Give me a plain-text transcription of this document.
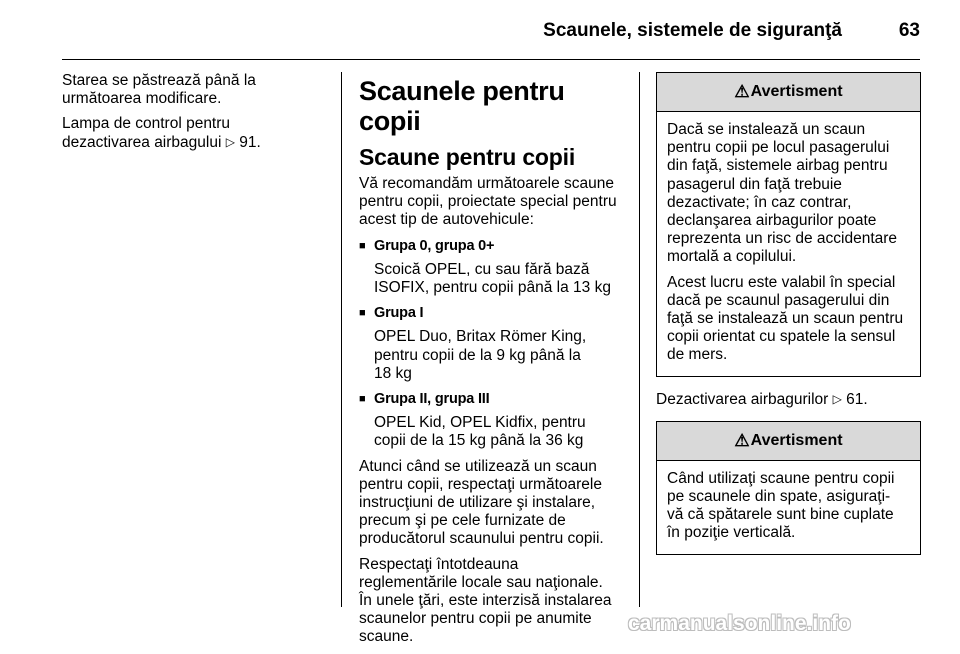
Scaunele, sistemele de siguranţă	63

Starea se păstrează până la
următoarea modificare.

Lampa de control pentru
dezactivarea airbagului ▷ 91.

Scaunele pentru copii
Scaune pentru copii

Vă recomandăm următoarele scaune
pentru copii, proiectate special pentru
acest tip de autovehicule:

■ Grupa 0, grupa 0+
Scoică OPEL, cu sau fără bază
ISOFIX, pentru copii până la 13 kg
■ Grupa I
OPEL Duo, Britax Römer King,
pentru copii de la 9 kg până la
18 kg
■ Grupa II, grupa III
OPEL Kid, OPEL Kidfix, pentru
copii de la 15 kg până la 36 kg

Atunci când se utilizează un scaun
pentru copii, respectaţi următoarele
instrucţiuni de utilizare şi instalare,
precum şi pe cele furnizate de
producătorul scaunului pentru copii.

Respectaţi întotdeauna
reglementările locale sau naţionale.
În unele ţări, este interzisă instalarea
scaunelor pentru copii pe anumite
scaune.

⚠ Avertisment

Dacă se instalează un scaun
pentru copii pe locul pasagerului
din faţă, sistemele airbag pentru
pasagerul din faţă trebuie
dezactivate; în caz contrar,
declanşarea airbagurilor poate
reprezenta un risc de accidentare
mortală a copilului.

Acest lucru este valabil în special
dacă pe scaunul pasagerului din
faţă se instalează un scaun pentru
copii orientat cu spatele la sensul
de mers.

Dezactivarea airbagurilor ▷ 61.

⚠ Avertisment

Când utilizaţi scaune pentru copii
pe scaunele din spate, asiguraţi-
vă că spătarele sunt bine cuplate
în poziţie verticală.

carmanualsonline.info
